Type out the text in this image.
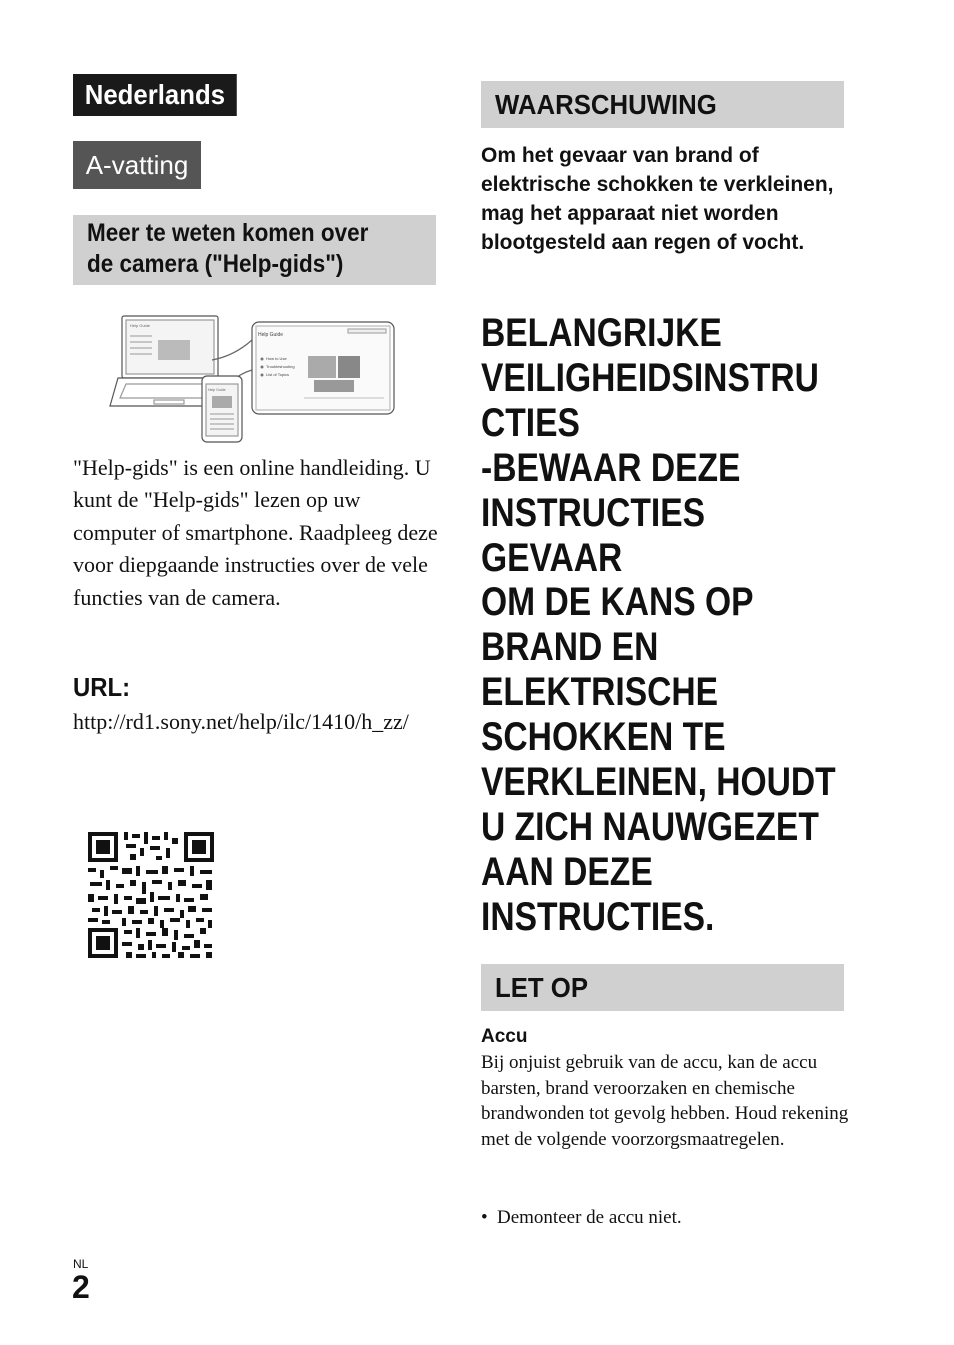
Nederlands
A-vatting
Meer te weten komen over
de camera ("Help-gids")
Help Guide
Help Guide
How to Use
Troubleshooting
List of Topics
Help Guide
"Help-gids" is een online handleiding. U kunt de "Help-gids" lezen op uw computer of smartphone. Raadpleeg deze voor diepgaande instructies over de vele functies van de camera.
URL:
http://rd1.sony.net/help/ilc/1410/h_zz/
WAARSCHUWING
Om het gevaar van brand of elektrische schokken te verkleinen, mag het apparaat niet worden blootgesteld aan regen of vocht.
BELANGRIJKE
VEILIGHEIDSINSTRU
CTIES
-BEWAAR DEZE
INSTRUCTIES
GEVAAR
OM DE KANS OP
BRAND EN
ELEKTRISCHE
SCHOKKEN TE
VERKLEINEN, HOUDT
U ZICH NAUWGEZET
AAN DEZE
INSTRUCTIES.
LET OP
Accu
Bij onjuist gebruik van de accu, kan de accu barsten, brand veroorzaken en chemische brandwonden tot gevolg hebben. Houd rekening met de volgende voorzorgsmaatregelen.
• Demonteer de accu niet.
NL
2
